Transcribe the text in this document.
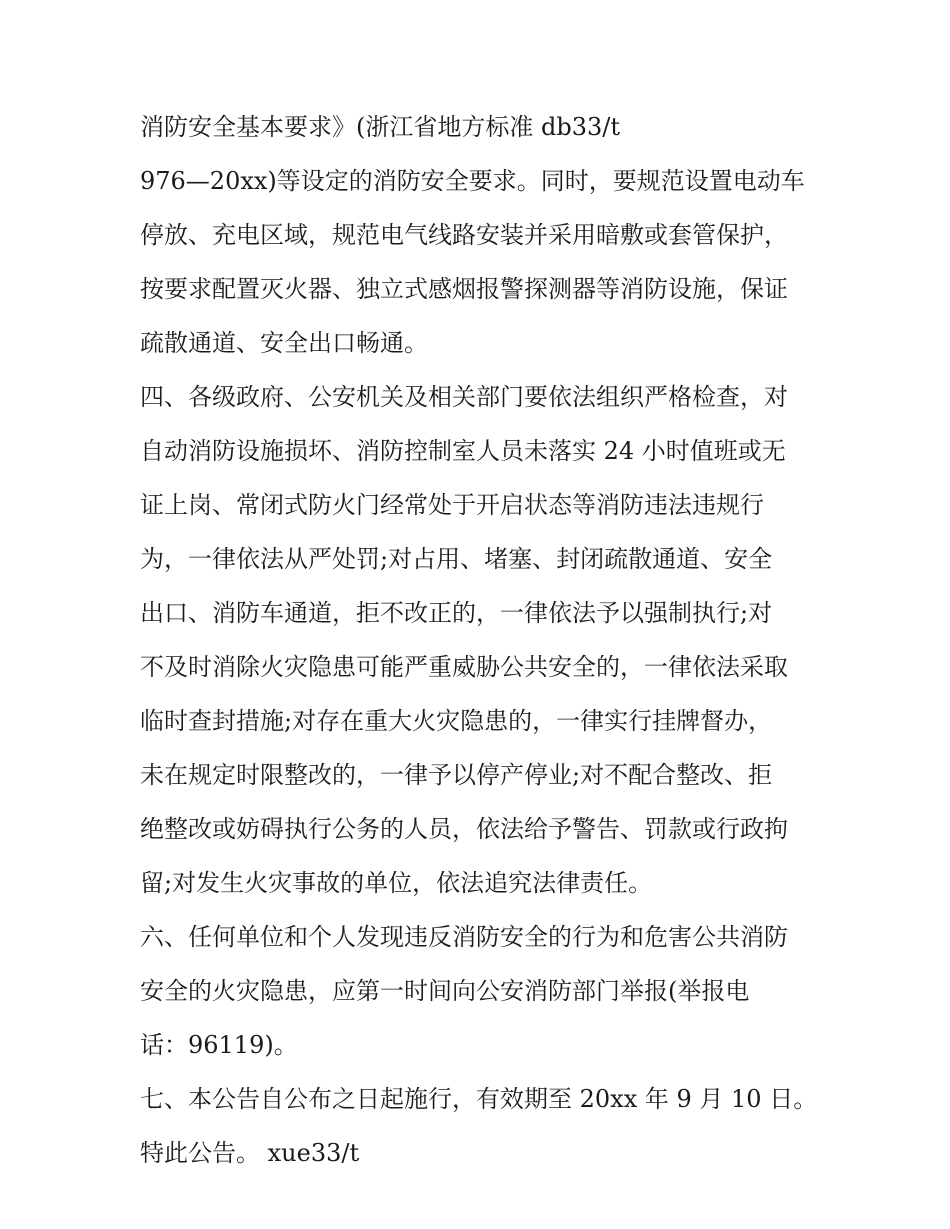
消防安全基本要求》(浙江省地方标准 db33/t
976—20xx)等设定的消防安全要求。同时，要规范设置电动车
停放、充电区域，规范电气线路安装并采用暗敷或套管保护，
按要求配置灭火器、独立式感烟报警探测器等消防设施，保证
疏散通道、安全出口畅通。
四、各级政府、公安机关及相关部门要依法组织严格检查，对
自动消防设施损坏、消防控制室人员未落实 24 小时值班或无
证上岗、常闭式防火门经常处于开启状态等消防违法违规行
为，一律依法从严处罚;对占用、堵塞、封闭疏散通道、安全
出口、消防车通道，拒不改正的，一律依法予以强制执行;对
不及时消除火灾隐患可能严重威胁公共安全的，一律依法采取
临时查封措施;对存在重大火灾隐患的，一律实行挂牌督办，
未在规定时限整改的，一律予以停产停业;对不配合整改、拒
绝整改或妨碍执行公务的人员，依法给予警告、罚款或行政拘
留;对发生火灾事故的单位，依法追究法律责任。
六、任何单位和个人发现违反消防安全的行为和危害公共消防
安全的火灾隐患，应第一时间向公安消防部门举报(举报电
话：96119)。
七、本公告自公布之日起施行，有效期至 20xx 年 9 月 10 日。
特此公告。 xue33/t
